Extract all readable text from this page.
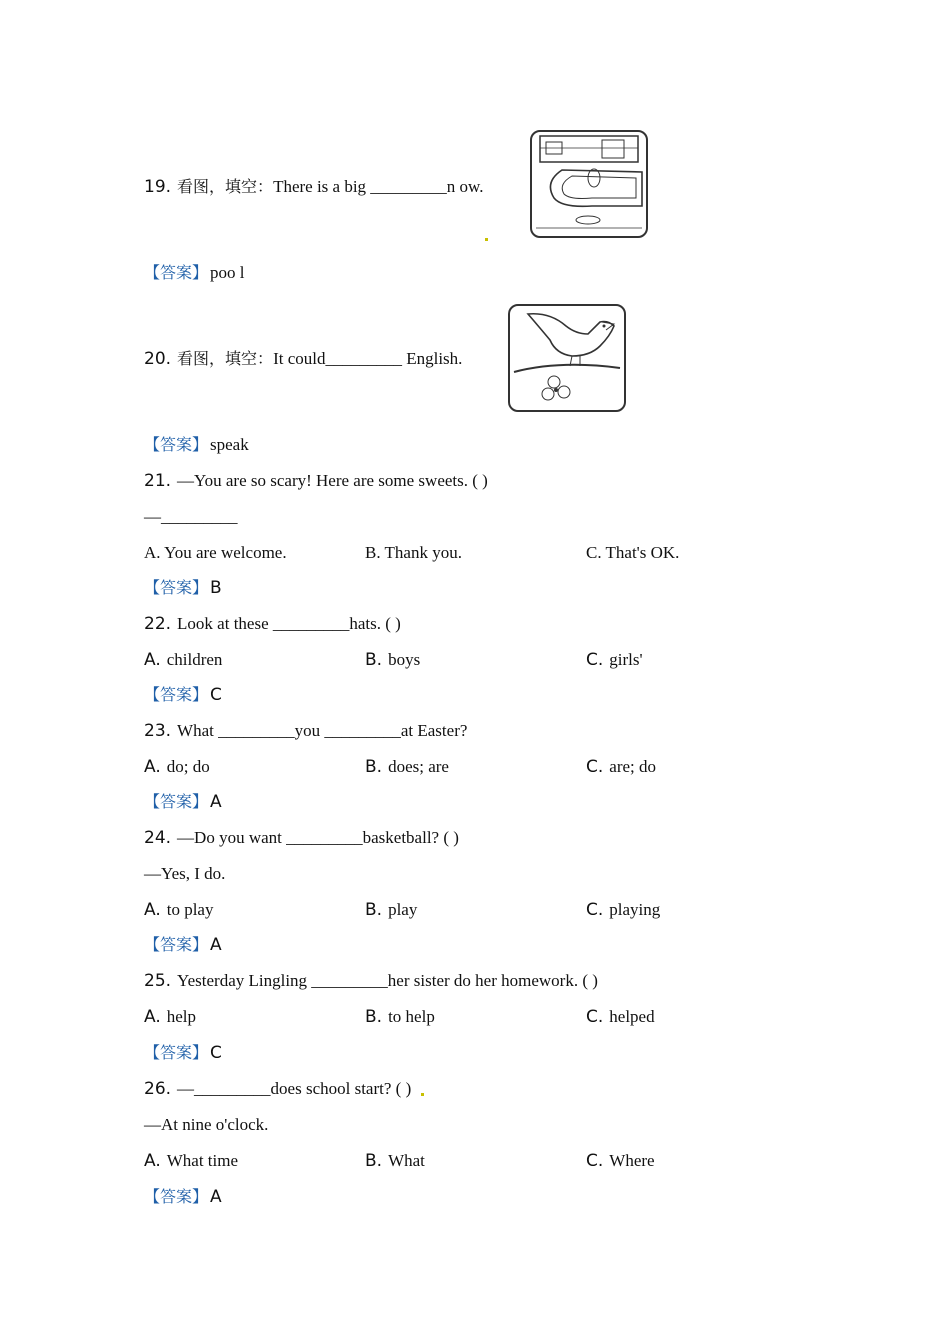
19. 看图，填空：There is a big _________n ow.
【答案】 poo l
20. 看图，填空：It could_________ English.
【答案】 speak
21. —You are so scary! Here are some sweets. ( )
—_________
A. You are welcome.	B. Thank you.	C. That's OK.
【答案】 B
22. Look at these _________hats. ( )
A. children	B. boys	C. girls'
【答案】 C
23. What _________you _________at Easter?
A. do; do	B. does; are	C. are; do
【答案】 A
24. —Do you want _________basketball? ( )
—Yes, I do.
A. to play	B. play	C. playing
【答案】 A
25. Yesterday Lingling _________her sister do her homework. ( )
A. help	B. to help	C. helped
【答案】 C
26. —_________does school start? ( )
—At nine o'clock.
A. What time	B. What	C. Where
【答案】 A
